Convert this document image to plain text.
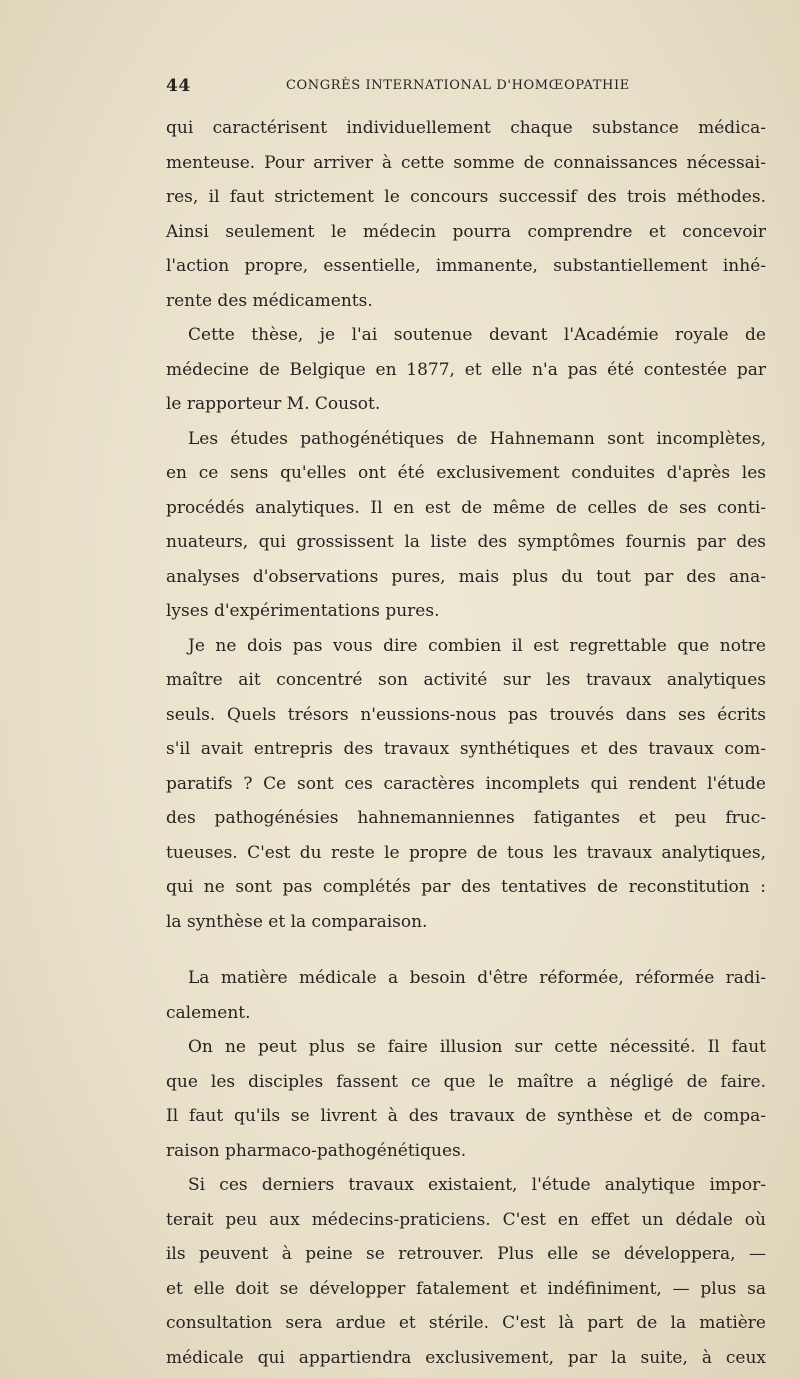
44	CONGRÈS INTERNATIONAL D'HOMŒOPATHIE
qui caractérisent individuellement chaque substance médica-
menteuse. Pour arriver à cette somme de connaissances nécessai-
res, il faut strictement le concours successif des trois méthodes.
Ainsi seulement le médecin pourra comprendre et concevoir
l'action propre, essentielle, immanente, substantiellement inhé-
rente des médicaments.
Cette thèse, je l'ai soutenue devant l'Académie royale de
médecine de Belgique en 1877, et elle n'a pas été contestée par
le rapporteur M. Cousot.
Les études pathogénétiques de Hahnemann sont incomplètes,
en ce sens qu'elles ont été exclusivement conduites d'après les
procédés analytiques. Il en est de même de celles de ses conti-
nuateurs, qui grossissent la liste des symptômes fournis par des
analyses d'observations pures, mais plus du tout par des ana-
lyses d'expérimentations pures.
Je ne dois pas vous dire combien il est regrettable que notre
maître ait concentré son activité sur les travaux analytiques
seuls. Quels trésors n'eussions-nous pas trouvés dans ses écrits
s'il avait entrepris des travaux synthétiques et des travaux com-
paratifs ? Ce sont ces caractères incomplets qui rendent l'étude
des pathogénésies hahnemanniennes fatigantes et peu fruc-
tueuses. C'est du reste le propre de tous les travaux analytiques,
qui ne sont pas complétés par des tentatives de reconstitution :
la synthèse et la comparaison.
La matière médicale a besoin d'être réformée, réformée radi-
calement.
On ne peut plus se faire illusion sur cette nécessité. Il faut
que les disciples fassent ce que le maître a négligé de faire.
Il faut qu'ils se livrent à des travaux de synthèse et de compa-
raison pharmaco-pathogénétiques.
Si ces derniers travaux existaient, l'étude analytique impor-
terait peu aux médecins-praticiens. C'est en effet un dédale où
ils peuvent à peine se retrouver. Plus elle se développera, —
et elle doit se développer fatalement et indéfiniment, — plus sa
consultation sera ardue et stérile. C'est là part de la matière
médicale qui appartiendra exclusivement, par la suite, à ceux
